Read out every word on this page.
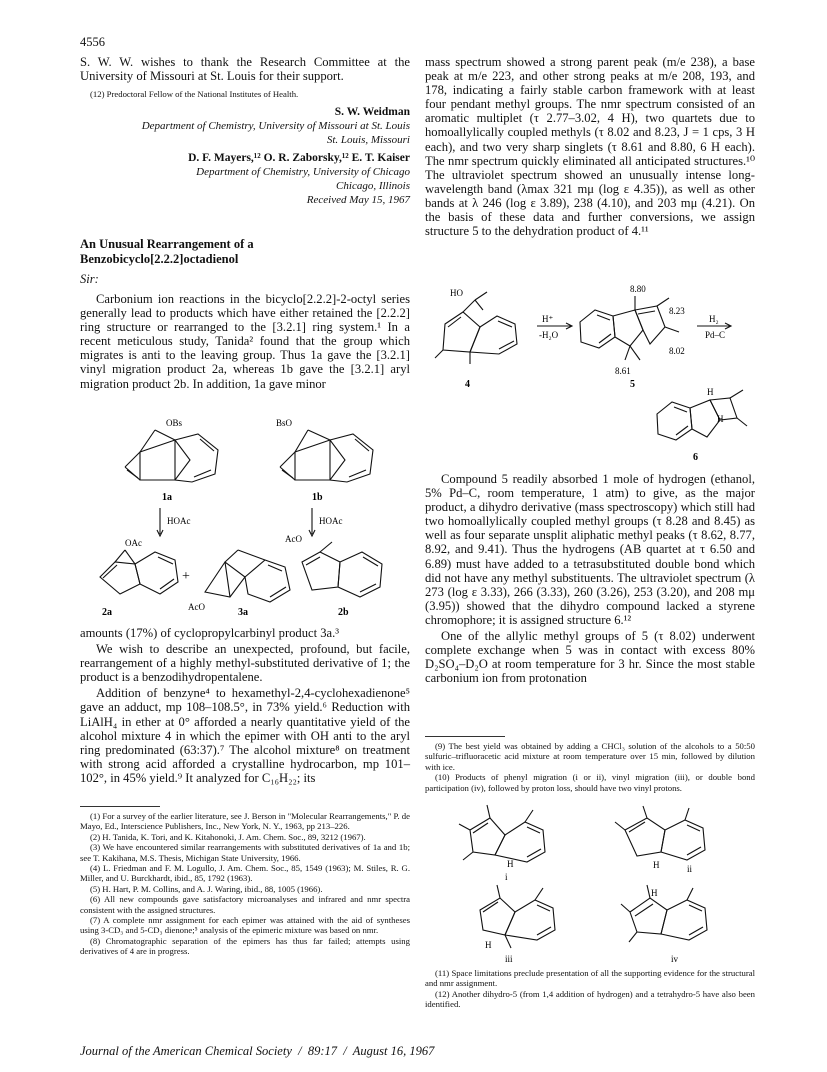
4556

S. W. W. wishes to thank the Research Committee at the University of Missouri at St. Louis for their support.

(12) Predoctoral Fellow of the National Institutes of Health.
S. W. Weidman
Department of Chemistry, University of Missouri at St. Louis
St. Louis, Missouri
D. F. Mayers,¹² O. R. Zaborsky,¹² E. T. Kaiser
Department of Chemistry, University of Chicago
Chicago, Illinois
Received May 15, 1967
An Unusual Rearrangement of a
Benzobicyclo[2.2.2]octadienol
Sir:

Carbonium ion reactions in the bicyclo[2.2.2]-2-octyl series generally lead to products which have either retained the [2.2.2] ring structure or rearranged to the [3.2.1] ring system.¹ In a recent meticulous study, Tanida² found that the group which migrates is anti to the leaving group. Thus 1a gave the [3.2.1] vinyl migration product 2a, whereas 1b gave the [3.2.1] aryl migration product 2b. In addition, 1a gave minor

OBs
1a
BsO
1b
HOAc	HOAc
OAc
2a
+
AcO	3a
AcO
2b

amounts (17%) of cyclopropylcarbinyl product 3a.³

We wish to describe an unexpected, profound, but facile, rearrangement of a highly methyl-substituted derivative of 1; the product is a benzodihydropentalene.

Addition of benzyne⁴ to hexamethyl-2,4-cyclohexadienone⁵ gave an adduct, mp 108–108.5°, in 73% yield.⁶ Reduction with LiAlH₄ in ether at 0° afforded a nearly quantitative yield of the alcohol mixture 4 in which the epimer with OH anti to the aryl ring predominated (63:37).⁷ The alcohol mixture⁸ on treatment with strong acid afforded a crystalline hydrocarbon, mp 101–102°, in 45% yield.⁹ It analyzed for C₁₆H₂₂; its

(1) For a survey of the earlier literature, see J. Berson in "Molecular Rearrangements," P. de Mayo, Ed., Interscience Publishers, Inc., New York, N. Y., 1963, pp 213–226.

(2) H. Tanida, K. Tori, and K. Kitahonoki, J. Am. Chem. Soc., 89, 3212 (1967).

(3) We have encountered similar rearrangements with substituted derivatives of 1a and 1b; see T. Kakihana, M.S. Thesis, Michigan State University, 1966.

(4) L. Friedman and F. M. Logullo, J. Am. Chem. Soc., 85, 1549 (1963); M. Stiles, R. G. Miller, and U. Burckhardt, ibid., 85, 1792 (1963).

(5) H. Hart, P. M. Collins, and A. J. Waring, ibid., 88, 1005 (1966).

(6) All new compounds gave satisfactory microanalyses and infrared and nmr spectra consistent with the assigned structures.

(7) A complete nmr assignment for each epimer was attained with the aid of syntheses using 3-CD₃ and 5-CD₃ dienone;⁵ analysis of the epimeric mixture was based on nmr.

(8) Chromatographic separation of the epimers has thus far failed; attempts using derivatives of 4 are in progress.

mass spectrum showed a strong parent peak (m/e 238), a base peak at m/e 223, and other strong peaks at m/e 208, 193, and 178, indicating a fairly stable carbon framework with at least four pendant methyl groups. The nmr spectrum consisted of an aromatic multiplet (τ 2.77–3.02, 4 H), two quartets due to homoallylically coupled methyls (τ 8.02 and 8.23, J = 1 cps, 3 H each), and two very sharp singlets (τ 8.61 and 8.80, 6 H each). The nmr spectrum quickly eliminated all anticipated structures.¹⁰ The ultraviolet spectrum showed an unusually intense long-wavelength band (λmax 321 mμ (log ε 4.35)), as well as other bands at λ 246 (log ε 3.89), 238 (4.10), and 203 mμ (4.21). On the basis of these data and further conversions, we assign structure 5 to the dehydration product of 4.¹¹

HO
4
H⁺
-H₂O
8.80
8.23
8.02
8.61
5
H₂
Pd–C
H
H
6

Compound 5 readily absorbed 1 mole of hydrogen (ethanol, 5% Pd–C, room temperature, 1 atm) to give, as the major product, a dihydro derivative (mass spectroscopy) which still had two homoallylically coupled methyl groups (τ 8.28 and 8.45) as well as four separate unsplit aliphatic methyl peaks (τ 8.62, 8.77, 8.92, and 9.41). Thus the hydrogens (AB quartet at τ 6.50 and 6.89) must have added to a tetrasubstituted double bond which did not have any methyl substituents. The ultraviolet spectrum (λ 273 (log ε 3.33), 266 (3.33), 260 (3.26), 253 (3.20), and 208 mμ (3.95)) showed that the dihydro compound lacked a styrene chromophore; it is assigned structure 6.¹²

One of the allylic methyl groups of 5 (τ 8.02) underwent complete exchange when 5 was in contact with excess 80% D₂SO₄–D₂O at room temperature for 3 hr. Since the most stable carbonium ion from protonation

(9) The best yield was obtained by adding a CHCl₃ solution of the alcohols to a 50:50 sulfuric–trifluoracetic acid mixture at room temperature over 15 min, followed by dilution with ice.

(10) Products of phenyl migration (i or ii), vinyl migration (iii), or double bond participation (iv), followed by proton loss, should have two vinyl protons.

H
i
H	ii
H
iii
H
iv

(11) Space limitations preclude presentation of all the supporting evidence for the structural and nmr assignment.

(12) Another dihydro-5 (from 1,4 addition of hydrogen) and a tetrahydro-5 have also been identified.

Journal of the American Chemical Society  /  89:17  /  August 16, 1967
